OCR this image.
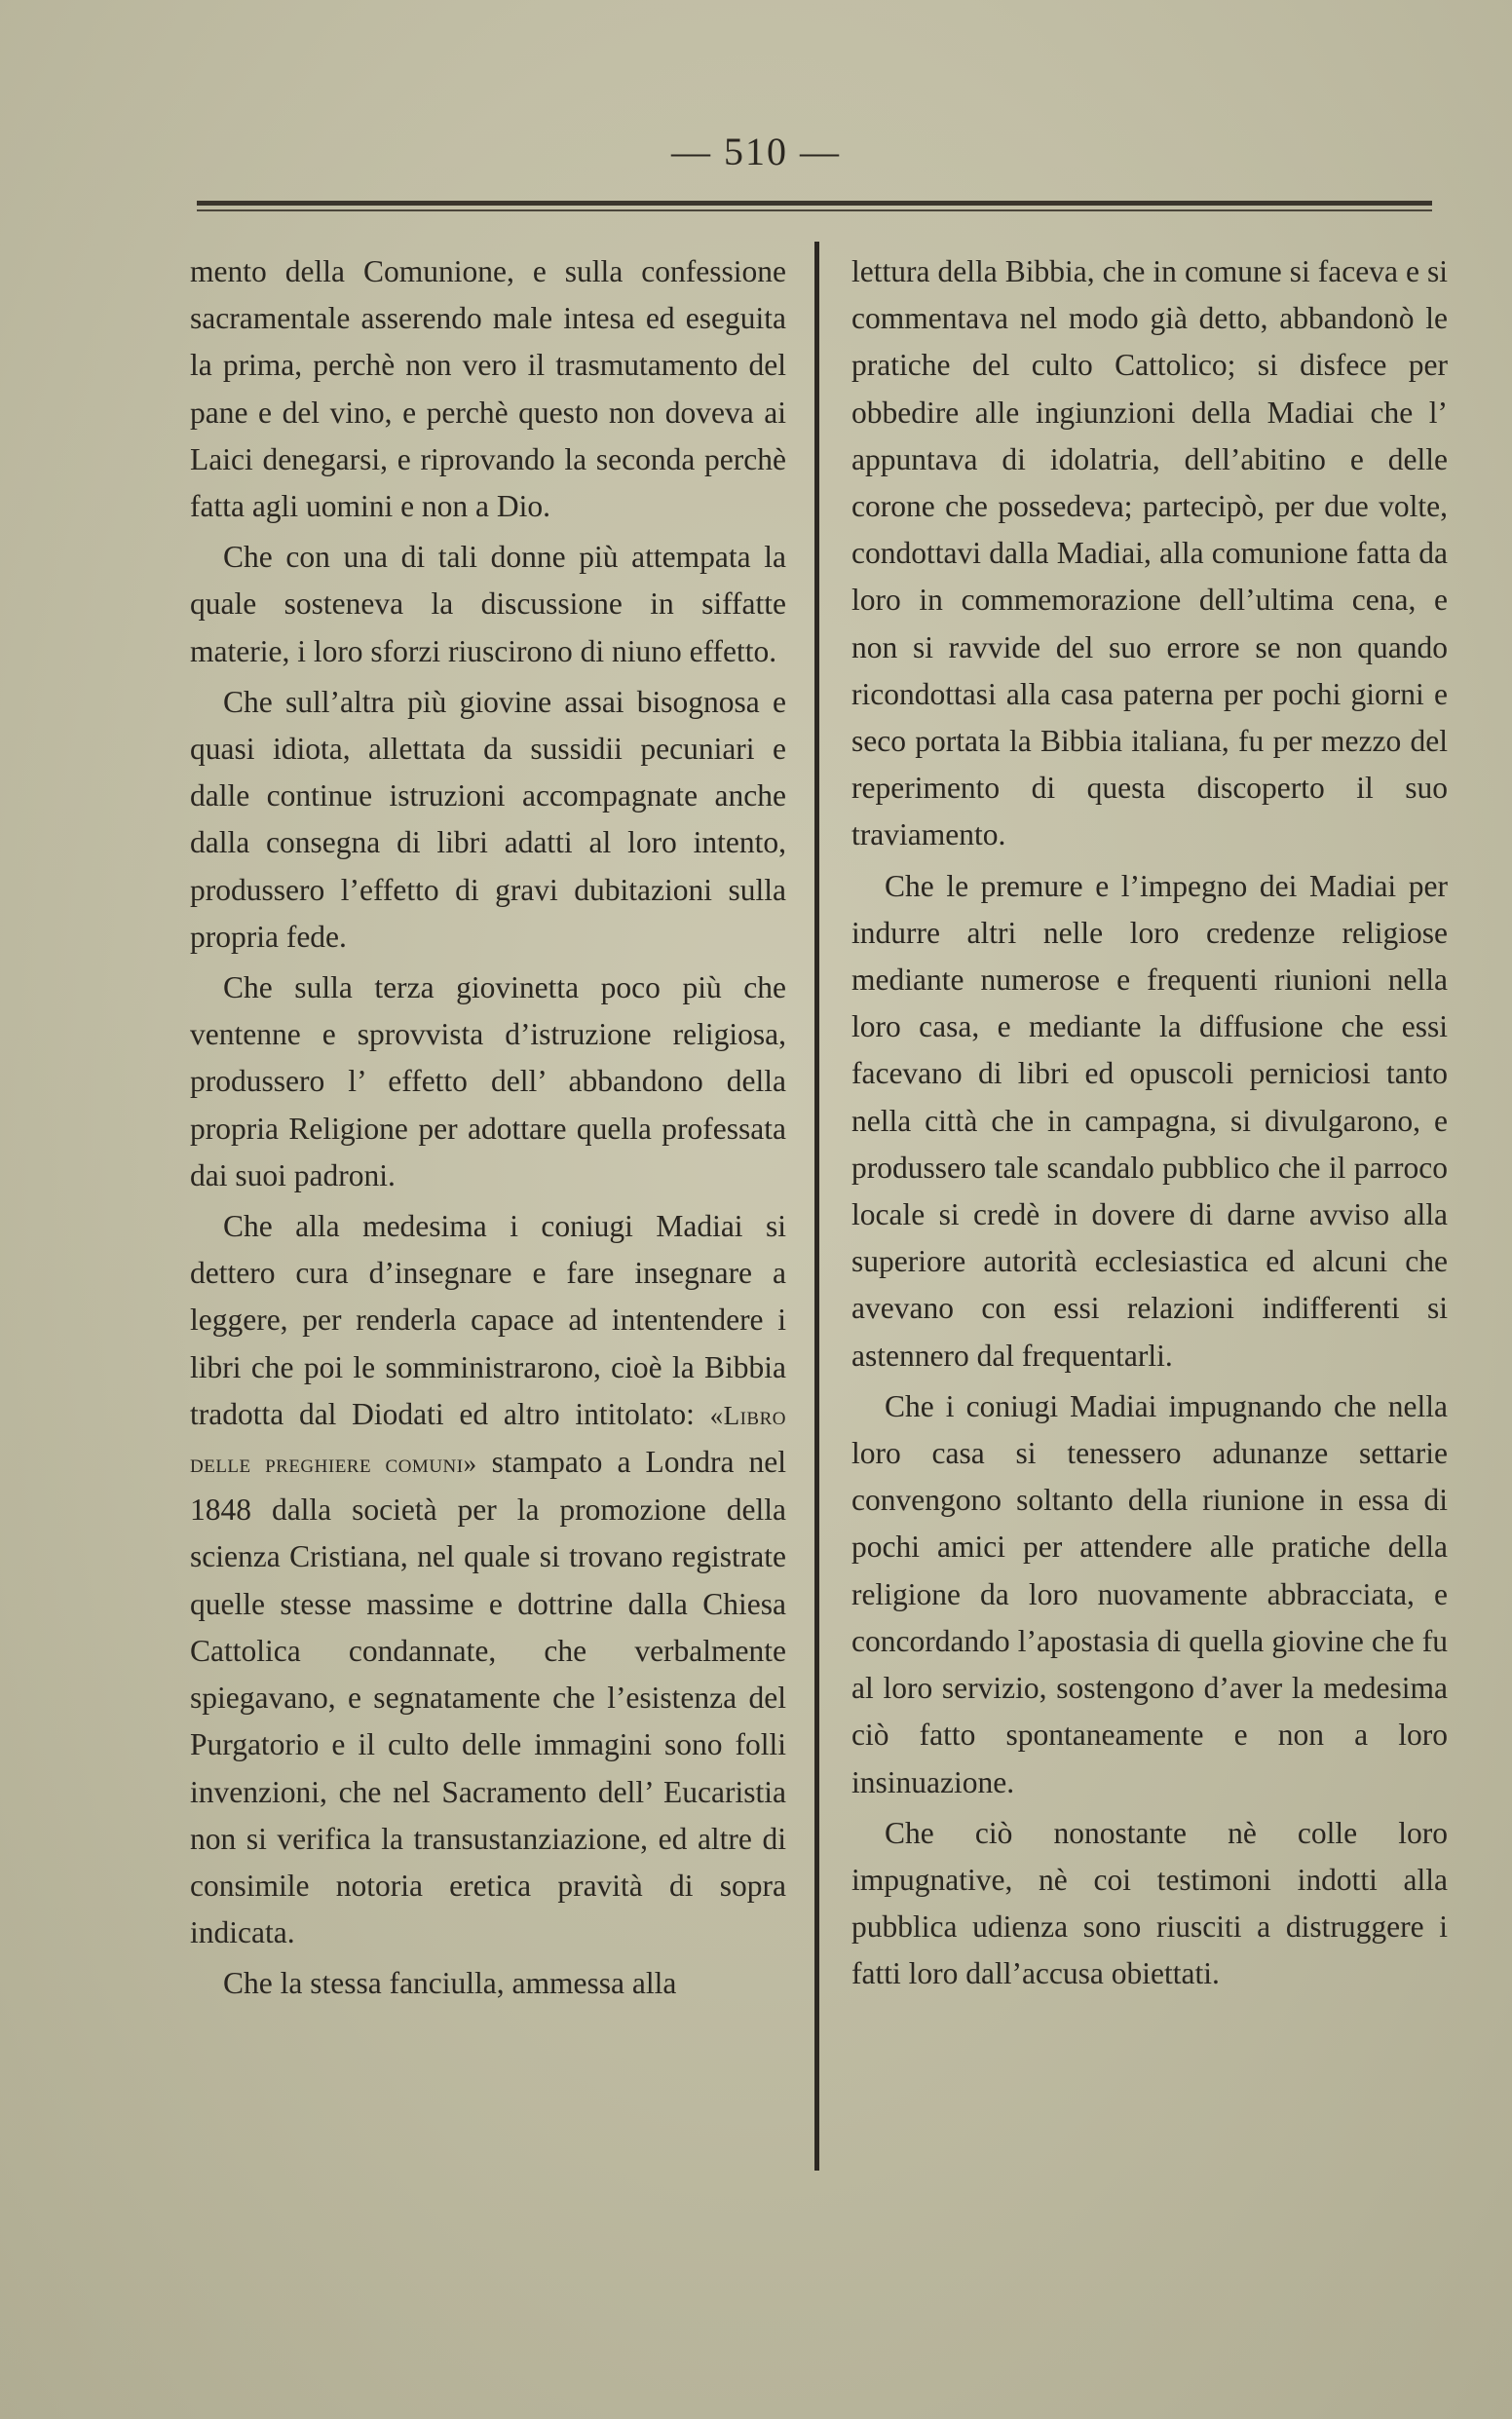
— 510 —

mento della Comunione, e sulla confessione sacramentale asserendo male intesa ed eseguita la prima, perchè non vero il trasmutamento del pane e del vino, e perchè questo non doveva ai Laici denegarsi, e riprovando la seconda perchè fatta agli uomini e non a Dio.

Che con una di tali donne più attempata la quale sosteneva la discussione in siffatte materie, i loro sforzi riuscirono di niuno effetto.

Che sull’altra più giovine assai bisognosa e quasi idiota, allettata da sussidii pecuniari e dalle continue istruzioni accompagnate anche dalla consegna di libri adatti al loro intento, produssero l’effetto di gravi dubitazioni sulla propria fede.

Che sulla terza giovinetta poco più che ventenne e sprovvista d’istruzione religiosa, produssero l’ effetto dell’ abbandono della propria Religione per adottare quella professata dai suoi padroni.

Che alla medesima i coniugi Madiai si dettero cura d’insegnare e fare insegnare a leggere, per renderla capace ad intentendere i libri che poi le somministrarono, cioè la Bibbia tradotta dal Diodati ed altro intitolato: «Libro delle preghiere comuni» stampato a Londra nel 1848 dalla società per la promozione della scienza Cristiana, nel quale si trovano registrate quelle stesse massime e dottrine dalla Chiesa Cattolica condannate, che verbalmente spiegavano, e segnatamente che l’esistenza del Purgatorio e il culto delle immagini sono folli invenzioni, che nel Sacramento dell’ Eucaristia non si verifica la transustanziazione, ed altre di consimile notoria eretica pravità di sopra indicata.

Che la stessa fanciulla, ammessa alla

lettura della Bibbia, che in comune si faceva e si commentava nel modo già detto, abbandonò le pratiche del culto Cattolico; si disfece per obbedire alle ingiunzioni della Madiai che l’ appuntava di idolatria, dell’abitino e delle corone che possedeva; partecipò, per due volte, condottavi dalla Madiai, alla comunione fatta da loro in commemorazione dell’ultima cena, e non si ravvide del suo errore se non quando ricondottasi alla casa paterna per pochi giorni e seco portata la Bibbia italiana, fu per mezzo del reperimento di questa discoperto il suo traviamento.

Che le premure e l’impegno dei Madiai per indurre altri nelle loro credenze religiose mediante numerose e frequenti riunioni nella loro casa, e mediante la diffusione che essi facevano di libri ed opuscoli perniciosi tanto nella città che in campagna, si divulgarono, e produssero tale scandalo pubblico che il parroco locale si credè in dovere di darne avviso alla superiore autorità ecclesiastica ed alcuni che avevano con essi relazioni indifferenti si astennero dal frequentarli.

Che i coniugi Madiai impugnando che nella loro casa si tenessero adunanze settarie convengono soltanto della riunione in essa di pochi amici per attendere alle pratiche della religione da loro nuovamente abbracciata, e concordando l’apostasia di quella giovine che fu al loro servizio, sostengono d’aver la medesima ciò fatto spontaneamente e non a loro insinuazione.

Che ciò nonostante nè colle loro impugnative, nè coi testimoni indotti alla pubblica udienza sono riusciti a distruggere i fatti loro dall’accusa obiettati.
